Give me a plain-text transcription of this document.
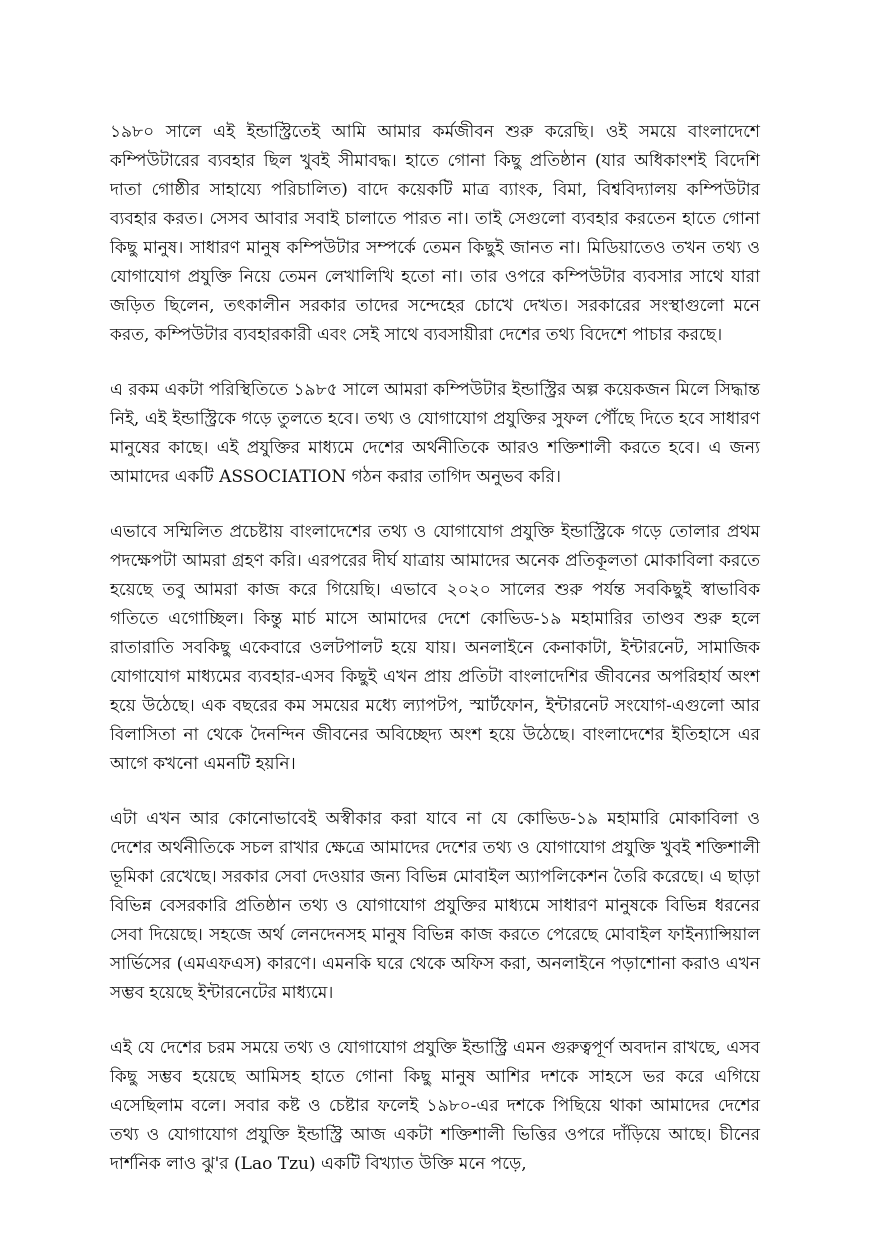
১৯৮০ সালে এই ইন্ডাস্ট্রিতেই আমি আমার কর্মজীবন শুরু করেছি। ওই সময়ে বাংলাদেশে কম্পিউটারের ব্যবহার ছিল খুবই সীমাবদ্ধ। হাতে গোনা কিছু প্রতিষ্ঠান (যার অধিকাংশই বিদেশি দাতা গোষ্ঠীর সাহায্যে পরিচালিত) বাদে কয়েকটি মাত্র ব্যাংক, বিমা, বিশ্ববিদ্যালয় কম্পিউটার ব্যবহার করত। সেসব আবার সবাই চালাতে পারত না। তাই সেগুলো ব্যবহার করতেন হাতে গোনা কিছু মানুষ। সাধারণ মানুষ কম্পিউটার সম্পর্কে তেমন কিছুই জানত না। মিডিয়াতেও তখন তথ্য ও যোগাযোগ প্রযুক্তি নিয়ে তেমন লেখালিখি হতো না। তার ওপরে কম্পিউটার ব্যবসার সাথে যারা জড়িত ছিলেন, তৎকালীন সরকার তাদের সন্দেহের চোখে দেখত। সরকারের সংস্থাগুলো মনে করত, কম্পিউটার ব্যবহারকারী এবং সেই সাথে ব্যবসায়ীরা দেশের তথ্য বিদেশে পাচার করছে।

এ রকম একটা পরিস্থিতিতে ১৯৮৫ সালে আমরা কম্পিউটার ইন্ডাস্ট্রির অল্প কয়েকজন মিলে সিদ্ধান্ত নিই, এই ইন্ডাস্ট্রিকে গড়ে তুলতে হবে। তথ্য ও যোগাযোগ প্রযুক্তির সুফল পৌঁছে দিতে হবে সাধারণ মানুষের কাছে। এই প্রযুক্তির মাধ্যমে দেশের অর্থনীতিকে আরও শক্তিশালী করতে হবে। এ জন্য আমাদের একটি ASSOCIATION গঠন করার তাগিদ অনুভব করি।

এভাবে সম্মিলিত প্রচেষ্টায় বাংলাদেশের তথ্য ও যোগাযোগ প্রযুক্তি ইন্ডাস্ট্রিকে গড়ে তোলার প্রথম পদক্ষেপটা আমরা গ্রহণ করি। এরপরের দীর্ঘ যাত্রায় আমাদের অনেক প্রতিকূলতা মোকাবিলা করতে হয়েছে তবু আমরা কাজ করে গিয়েছি। এভাবে ২০২০ সালের শুরু পর্যন্ত সবকিছুই স্বাভাবিক গতিতে এগোচ্ছিল। কিন্তু মার্চ মাসে আমাদের দেশে কোভিড-১৯ মহামারির তাণ্ডব শুরু হলে রাতারাতি সবকিছু একেবারে ওলটপালট হয়ে যায়। অনলাইনে কেনাকাটা, ইন্টারনেট, সামাজিক যোগাযোগ মাধ্যমের ব্যবহার-এসব কিছুই এখন প্রায় প্রতিটা বাংলাদেশির জীবনের অপরিহার্য অংশ হয়ে উঠেছে। এক বছরের কম সময়ের মধ্যে ল্যাপটপ, স্মার্টফোন, ইন্টারনেট সংযোগ-এগুলো আর বিলাসিতা না থেকে দৈনন্দিন জীবনের অবিচ্ছেদ্য অংশ হয়ে উঠেছে। বাংলাদেশের ইতিহাসে এর আগে কখনো এমনটি হয়নি।

এটা এখন আর কোনোভাবেই অস্বীকার করা যাবে না যে কোভিড-১৯ মহামারি মোকাবিলা ও দেশের অর্থনীতিকে সচল রাখার ক্ষেত্রে আমাদের দেশের তথ্য ও যোগাযোগ প্রযুক্তি খুবই শক্তিশালী ভূমিকা রেখেছে। সরকার সেবা দেওয়ার জন্য বিভিন্ন মোবাইল অ্যাপলিকেশন তৈরি করেছে। এ ছাড়া বিভিন্ন বেসরকারি প্রতিষ্ঠান তথ্য ও যোগাযোগ প্রযুক্তির মাধ্যমে সাধারণ মানুষকে বিভিন্ন ধরনের সেবা দিয়েছে। সহজে অর্থ লেনদেনসহ মানুষ বিভিন্ন কাজ করতে পেরেছে মোবাইল ফাইন্যান্সিয়াল সার্ভিসের (এমএফএস) কারণে। এমনকি ঘরে থেকে অফিস করা, অনলাইনে পড়াশোনা করাও এখন সম্ভব হয়েছে ইন্টারনেটের মাধ্যমে।

এই যে দেশের চরম সময়ে তথ্য ও যোগাযোগ প্রযুক্তি ইন্ডাস্ট্রি এমন গুরুত্বপূর্ণ অবদান রাখছে, এসব কিছু সম্ভব হয়েছে আমিসহ হাতে গোনা কিছু মানুষ আশির দশকে সাহসে ভর করে এগিয়ে এসেছিলাম বলে। সবার কষ্ট ও চেষ্টার ফলেই ১৯৮০-এর দশকে পিছিয়ে থাকা আমাদের দেশের তথ্য ও যোগাযোগ প্রযুক্তি ইন্ডাস্ট্রি আজ একটা শক্তিশালী ভিত্তির ওপরে দাঁড়িয়ে আছে। চীনের দার্শনিক লাও ঝু'র (Lao Tzu) একটি বিখ্যাত উক্তি মনে পড়ে,
